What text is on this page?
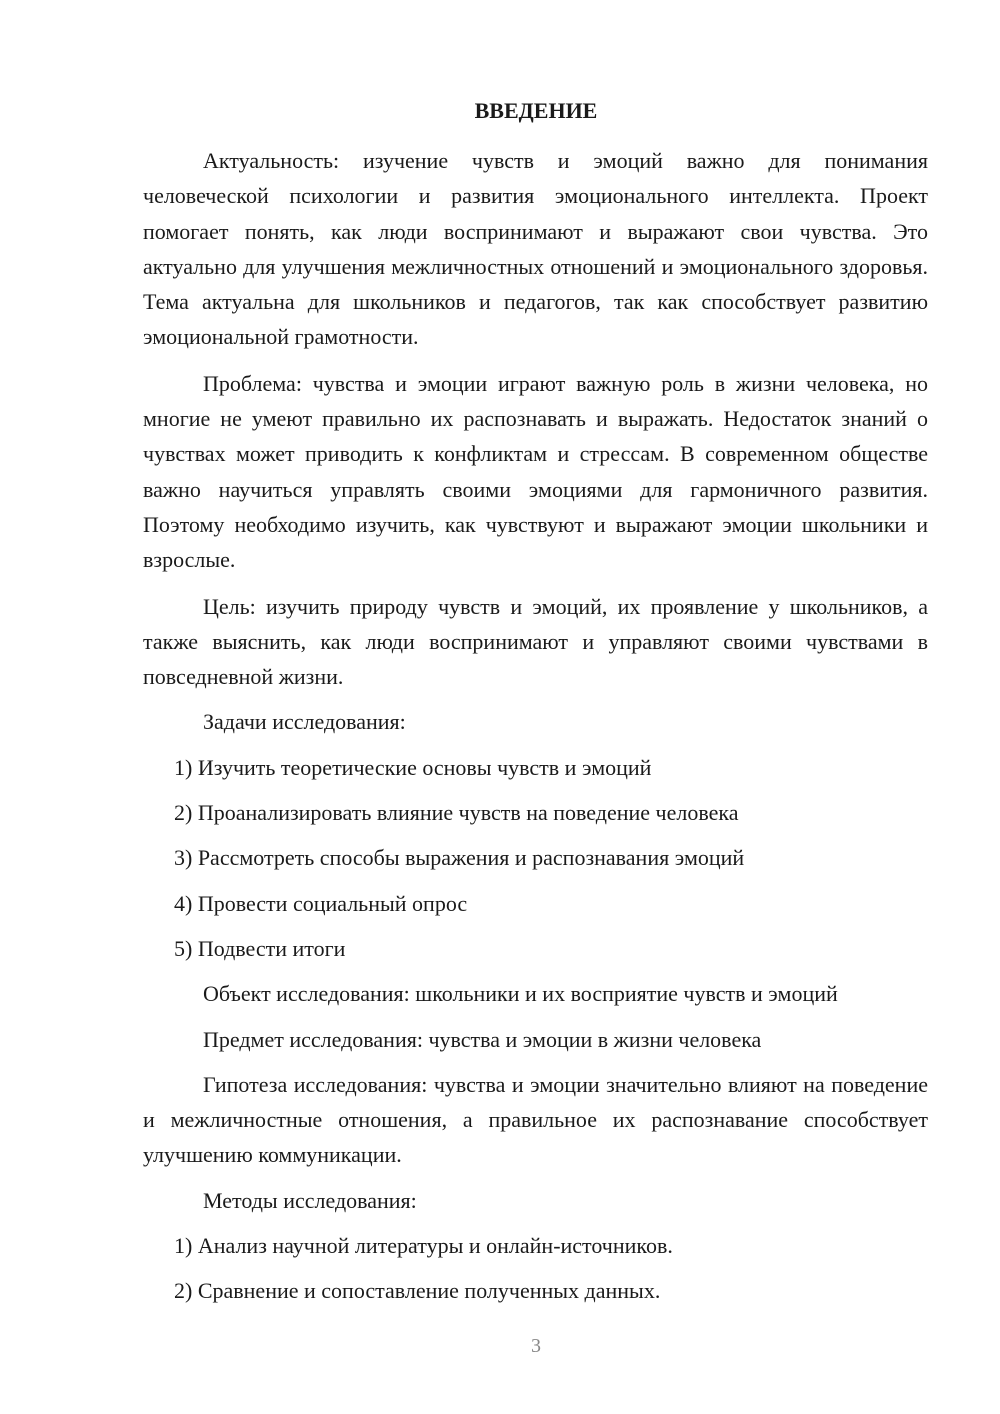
ВВЕДЕНИЕ

Актуальность: изучение чувств и эмоций важно для понимания человеческой психологии и развития эмоционального интеллекта. Проект помогает понять, как люди воспринимают и выражают свои чувства. Это актуально для улучшения межличностных отношений и эмоционального здоровья. Тема актуальна для школьников и педагогов, так как способствует развитию эмоциональной грамотности.

Проблема: чувства и эмоции играют важную роль в жизни человека, но многие не умеют правильно их распознавать и выражать. Недостаток знаний о чувствах может приводить к конфликтам и стрессам. В современном обществе важно научиться управлять своими эмоциями для гармоничного развития. Поэтому необходимо изучить, как чувствуют и выражают эмоции школьники и взрослые.

Цель: изучить природу чувств и эмоций, их проявление у школьников, а также выяснить, как люди воспринимают и управляют своими чувствами в повседневной жизни.

Задачи исследования:

1) Изучить теоретические основы чувств и эмоций

2) Проанализировать влияние чувств на поведение человека

3) Рассмотреть способы выражения и распознавания эмоций

4) Провести социальный опрос

5) Подвести итоги

Объект исследования: школьники и их восприятие чувств и эмоций

Предмет исследования: чувства и эмоции в жизни человека

Гипотеза исследования: чувства и эмоции значительно влияют на поведение и межличностные отношения, а правильное их распознавание способствует улучшению коммуникации.

Методы исследования:

1) Анализ научной литературы и онлайн-источников.

2) Сравнение и сопоставление полученных данных.

3
